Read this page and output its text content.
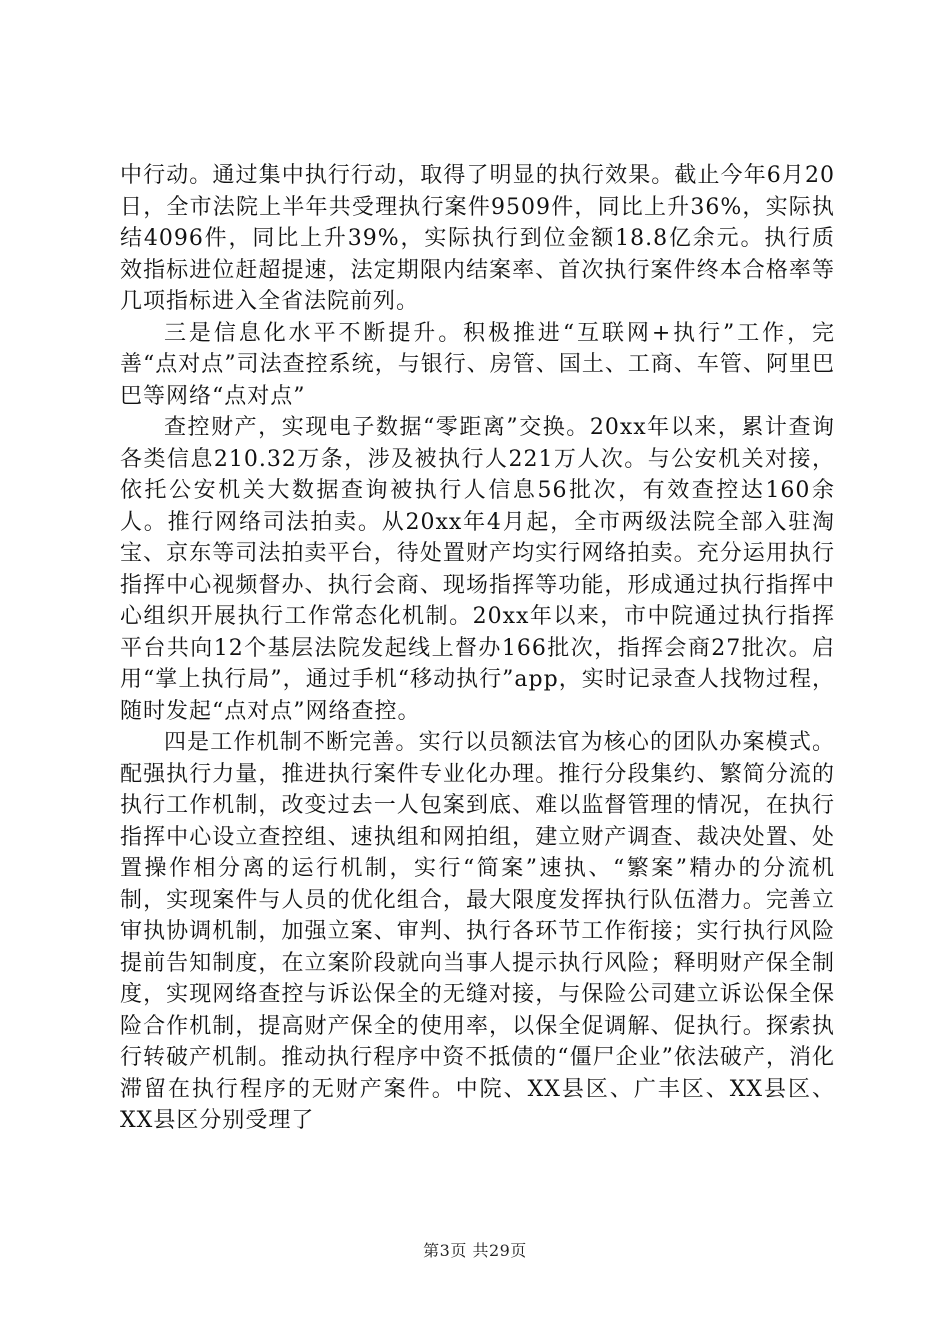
中行动。通过集中执行行动，取得了明显的执行效果。截止今年6月20日，全市法院上半年共受理执行案件9509件，同比上升36%，实际执结4096件，同比上升39%，实际执行到位金额18.8亿余元。执行质效指标进位赶超提速，法定期限内结案率、首次执行案件终本合格率等几项指标进入全省法院前列。

三是信息化水平不断提升。积极推进“互联网+执行”工作，完善“点对点”司法查控系统，与银行、房管、国土、工商、车管、阿里巴巴等网络“点对点”

查控财产，实现电子数据“零距离”交换。20xx年以来，累计查询各类信息210.32万条，涉及被执行人221万人次。与公安机关对接，依托公安机关大数据查询被执行人信息56批次，有效查控达160余人。推行网络司法拍卖。从20xx年4月起，全市两级法院全部入驻淘宝、京东等司法拍卖平台，待处置财产均实行网络拍卖。充分运用执行指挥中心视频督办、执行会商、现场指挥等功能，形成通过执行指挥中心组织开展执行工作常态化机制。20xx年以来，市中院通过执行指挥平台共向12个基层法院发起线上督办166批次，指挥会商27批次。启用“掌上执行局”，通过手机“移动执行”app，实时记录查人找物过程，随时发起“点对点”网络查控。

四是工作机制不断完善。实行以员额法官为核心的团队办案模式。配强执行力量，推进执行案件专业化办理。推行分段集约、繁简分流的执行工作机制，改变过去一人包案到底、难以监督管理的情况，在执行指挥中心设立查控组、速执组和网拍组，建立财产调查、裁决处置、处置操作相分离的运行机制，实行“简案”速执、“繁案”精办的分流机制，实现案件与人员的优化组合，最大限度发挥执行队伍潜力。完善立审执协调机制，加强立案、审判、执行各环节工作衔接；实行执行风险提前告知制度，在立案阶段就向当事人提示执行风险；释明财产保全制度，实现网络查控与诉讼保全的无缝对接，与保险公司建立诉讼保全保险合作机制，提高财产保全的使用率，以保全促调解、促执行。探索执行转破产机制。推动执行程序中资不抵债的“僵尸企业”依法破产，消化滞留在执行程序的无财产案件。中院、XX县区、广丰区、XX县区、XX县区分别受理了

第3页 共29页
